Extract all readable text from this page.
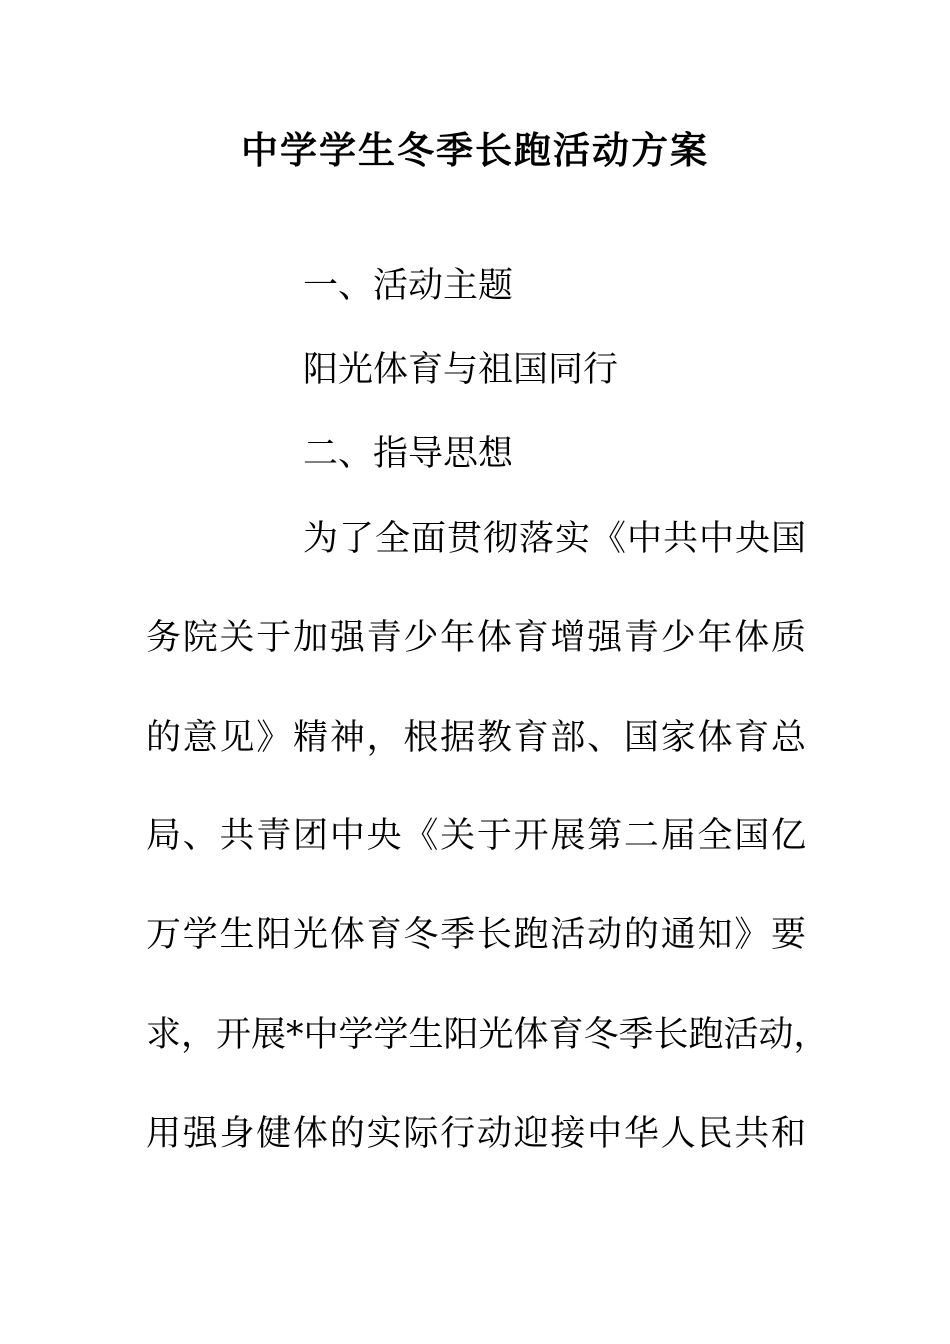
中学学生冬季长跑活动方案

一、活动主题

阳光体育与祖国同行

二、指导思想

为了全面贯彻落实《中共中央国

务院关于加强青少年体育增强青少年体质

的意见》精神，根据教育部、国家体育总

局、共青团中央《关于开展第二届全国亿

万学生阳光体育冬季长跑活动的通知》要

求，开展*中学学生阳光体育冬季长跑活动，

用强身健体的实际行动迎接中华人民共和
